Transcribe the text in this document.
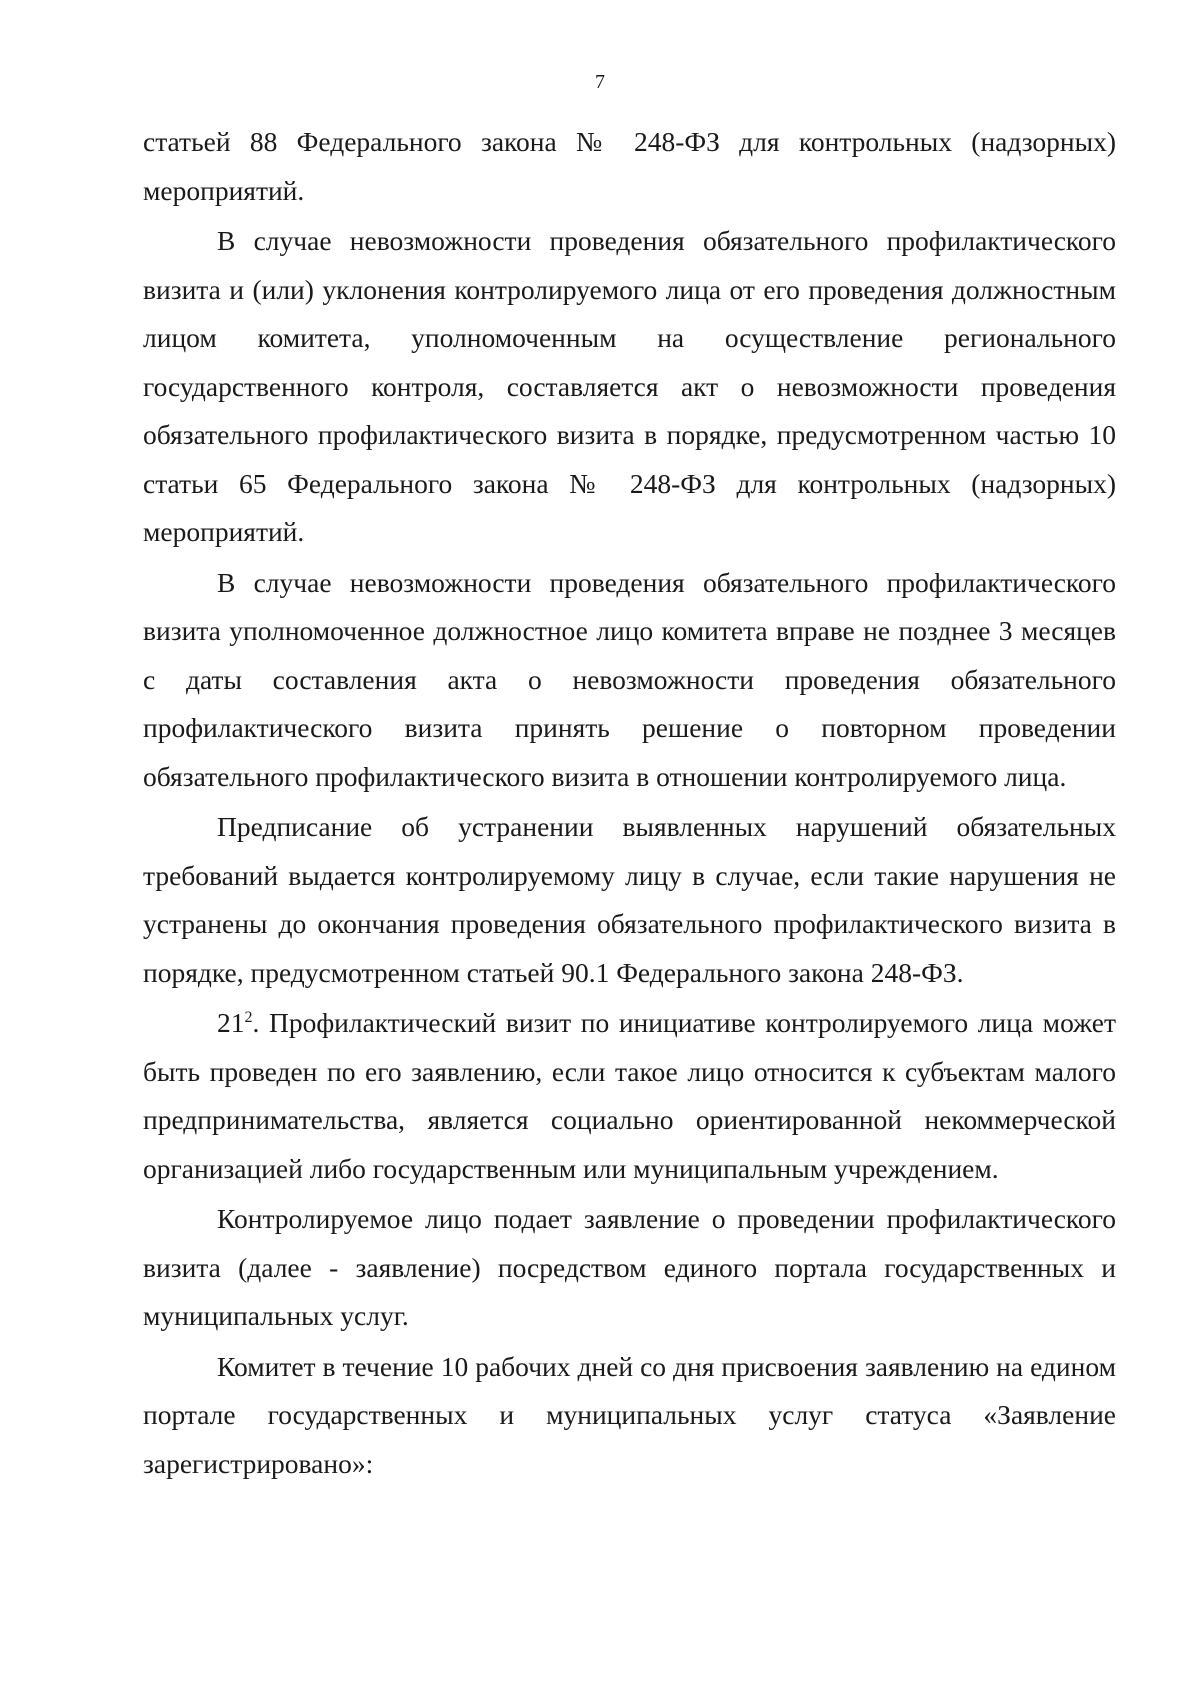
7

статьей 88 Федерального закона № 248-ФЗ для контрольных (надзорных) мероприятий.

В случае невозможности проведения обязательного профилактического визита и (или) уклонения контролируемого лица от его проведения должностным лицом комитета, уполномоченным на осуществление регионального государственного контроля, составляется акт о невозможности проведения обязательного профилактического визита в порядке, предусмотренном частью 10 статьи 65 Федерального закона № 248-ФЗ для контрольных (надзорных) мероприятий.

В случае невозможности проведения обязательного профилактического визита уполномоченное должностное лицо комитета вправе не позднее 3 месяцев с даты составления акта о невозможности проведения обязательного профилактического визита принять решение о повторном проведении обязательного профилактического визита в отношении контролируемого лица.

Предписание об устранении выявленных нарушений обязательных требований выдается контролируемому лицу в случае, если такие нарушения не устранены до окончания проведения обязательного профилактического визита в порядке, предусмотренном статьей 90.1 Федерального закона 248-ФЗ.

$21^2$. Профилактический визит по инициативе контролируемого лица может быть проведен по его заявлению, если такое лицо относится к субъектам малого предпринимательства, является социально ориентированной некоммерческой организацией либо государственным или муниципальным учреждением.

Контролируемое лицо подает заявление о проведении профилактического визита (далее - заявление) посредством единого портала государственных и муниципальных услуг.

Комитет в течение 10 рабочих дней со дня присвоения заявлению на едином портале государственных и муниципальных услуг статуса «Заявление зарегистрировано»:
